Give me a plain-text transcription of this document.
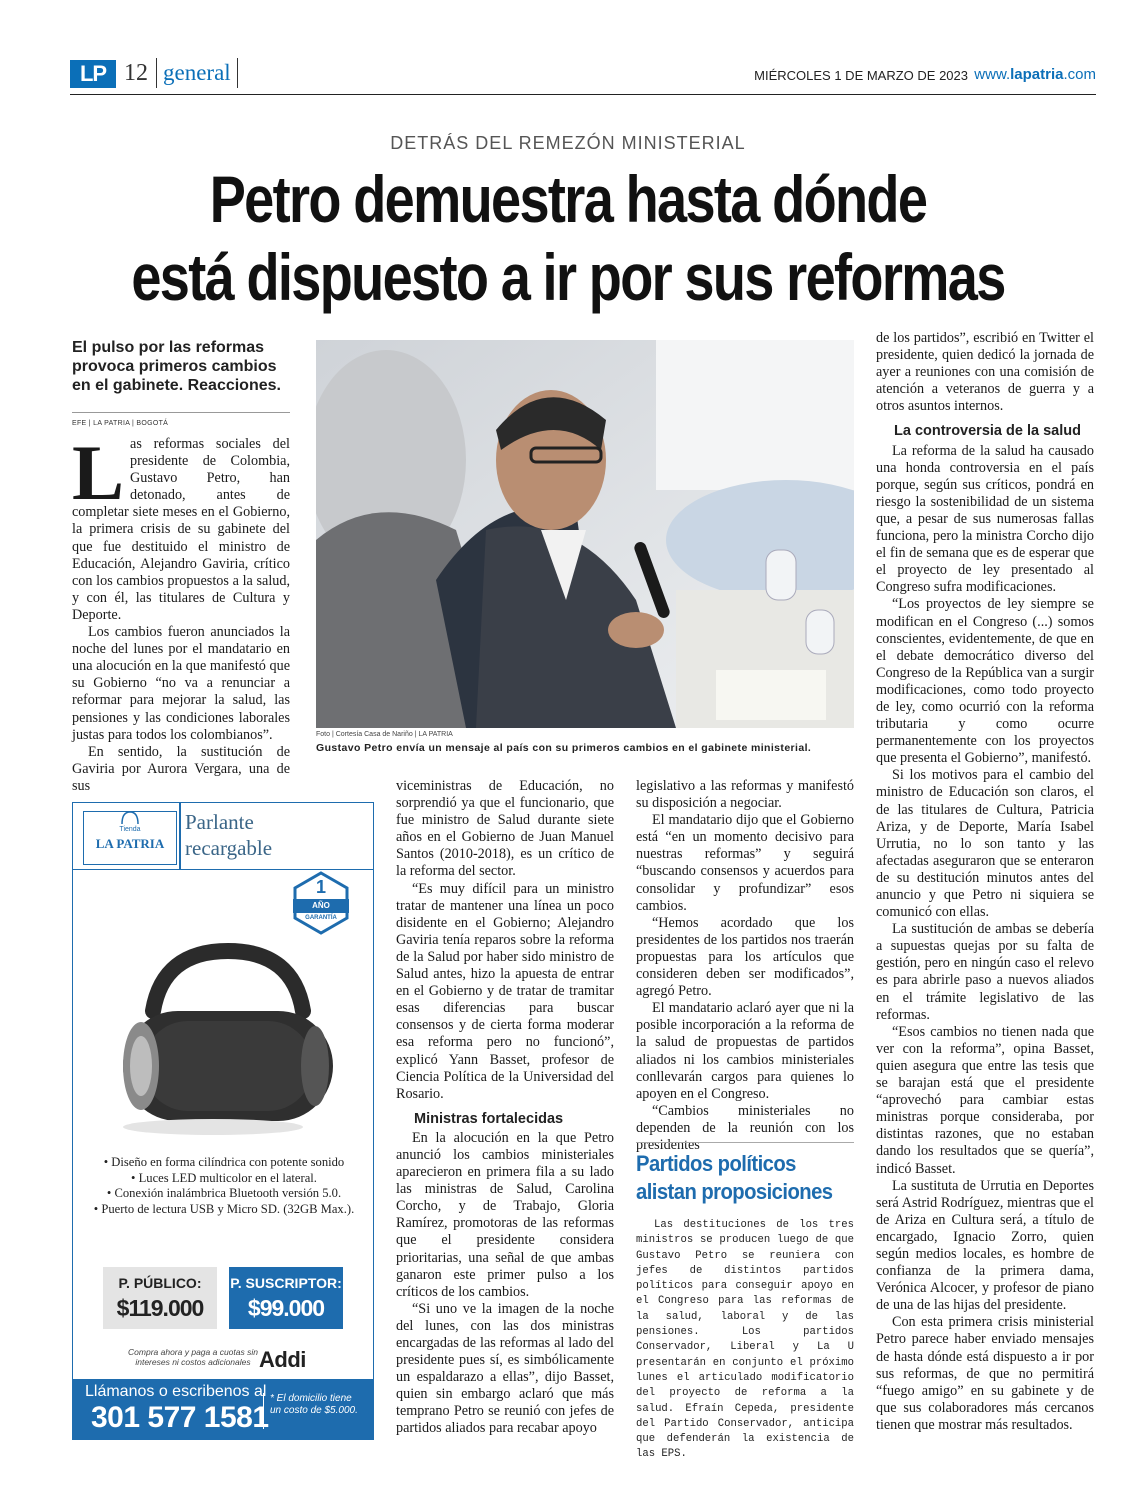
LP 12 general	MIÉRCOLES 1 DE MARZO DE 2023 www.lapatria.com
DETRÁS DEL REMEZÓN MINISTERIAL
Petro demuestra hasta dónde
está dispuesto a ir por sus reformas
El pulso por las reformas provoca primeros cambios en el gabinete. Reacciones.
EFE | LA PATRIA | BOGOTÁ

Las reformas sociales del presidente de Colombia, Gustavo Petro, han detonado, antes de completar siete meses en el Gobierno, la primera crisis de su gabinete del que fue destituido el ministro de Educación, Alejandro Gaviria, crítico con los cambios propuestos a la salud, y con él, las titulares de Cultura y Deporte.

Los cambios fueron anunciados la noche del lunes por el mandatario en una alocución en la que manifestó que su Gobierno “no va a renunciar a reformar para mejorar la salud, las pensiones y las condiciones laborales justas para todos los colombianos”.

En sentido, la sustitución de Gaviria por Aurora Vergara, una de sus

Foto | Cortesía Casa de Nariño | LA PATRIA
Gustavo Petro envía un mensaje al país con su primeros cambios en el gabinete ministerial.

viceministras de Educación, no sorprendió ya que el funcionario, que fue ministro de Salud durante siete años en el Gobierno de Juan Manuel Santos (2010-2018), es un crítico de la reforma del sector.

“Es muy difícil para un ministro tratar de mantener una línea un poco disidente en el Gobierno; Alejandro Gaviria tenía reparos sobre la reforma de la Salud por haber sido ministro de Salud antes, hizo la apuesta de entrar en el Gobierno y de tratar de tramitar esas diferencias para buscar consensos y de cierta forma moderar esa reforma pero no funcionó”, explicó Yann Basset, profesor de Ciencia Política de la Universidad del Rosario.

Ministras fortalecidas

En la alocución en la que Petro anunció los cambios ministeriales aparecieron en primera fila a su lado las ministras de Salud, Carolina Corcho, y de Trabajo, Gloria Ramírez, promotoras de las reformas que el presidente considera prioritarias, una señal de que ambas ganaron este primer pulso a los críticos de los cambios.

“Si uno ve la imagen de la noche del lunes, con las dos ministras encargadas de las reformas al lado del presidente pues sí, es simbólicamente un espaldarazo a ellas”, dijo Basset, quien sin embargo aclaró que más temprano Petro se reunió con jefes de partidos aliados para recabar apoyo

legislativo a las reformas y manifestó su disposición a negociar.

El mandatario dijo que el Gobierno está “en un momento decisivo para nuestras reformas” y seguirá “buscando consensos y acuerdos para consolidar y profundizar” esos cambios.

“Hemos acordado que los presidentes de los partidos nos traerán propuestas para los artículos que consideren deben ser modificados”, agregó Petro.

El mandatario aclaró ayer que ni la posible incorporación a la reforma de la salud de propuestas de partidos aliados ni los cambios ministeriales conllevarán cargos para quienes lo apoyen en el Congreso.

“Cambios ministeriales no dependen de la reunión con los presidentes

Partidos políticos
alistan proposiciones

Las destituciones de los tres ministros se producen luego de que Gustavo Petro se reuniera con jefes de distintos partidos políticos para conseguir apoyo en el Congreso para las reformas de la salud, laboral y de las pensiones. Los partidos Conservador, Liberal y La U presentarán en conjunto el próximo lunes el articulado modificatorio del proyecto de reforma a la salud. Efraín Cepeda, presidente del Partido Conservador, anticipa que defenderán la existencia de las EPS.

de los partidos”, escribió en Twitter el presidente, quien dedicó la jornada de ayer a reuniones con una comisión de atención a veteranos de guerra y a otros asuntos internos.

La controversia de la salud

La reforma de la salud ha causado una honda controversia en el país porque, según sus críticos, pondrá en riesgo la sostenibilidad de un sistema que, a pesar de sus numerosas fallas funciona, pero la ministra Corcho dijo el fin de semana que es de esperar que el proyecto de ley presentado al Congreso sufra modificaciones.

“Los proyectos de ley siempre se modifican en el Congreso (...) somos conscientes, evidentemente, de que en el debate democrático diverso del Congreso de la República van a surgir modificaciones, como todo proyecto de ley, como ocurrió con la reforma tributaria y como ocurre permanentemente con los proyectos que presenta el Gobierno”, manifestó.

Si los motivos para el cambio del ministro de Educación son claros, el de las titulares de Cultura, Patricia Ariza, y de Deporte, María Isabel Urrutia, no lo son tanto y las afectadas aseguraron que se enteraron de su destitución minutos antes del anuncio y que Petro ni siquiera se comunicó con ellas.

La sustitución de ambas se debería a supuestas quejas por su falta de gestión, pero en ningún caso el relevo es para abrirle paso a nuevos aliados en el trámite legislativo de las reformas.

“Esos cambios no tienen nada que ver con la reforma”, opina Basset, quien asegura que entre las tesis que se barajan está que el presidente “aprovechó para cambiar estas ministras porque consideraba, por distintas razones, que no estaban dando los resultados que se quería”, indicó Basset.

La sustituta de Urrutia en Deportes será Astrid Rodríguez, mientras que el de Ariza en Cultura será, a título de encargado, Ignacio Zorro, quien según medios locales, es hombre de confianza de la primera dama, Verónica Alcocer, y profesor de piano de una de las hijas del presidente.

Con esta primera crisis ministerial Petro parece haber enviado mensajes de hasta dónde está dispuesto a ir por sus reformas, de que no permitirá “fuego amigo” en su gabinete y de que sus colaboradores más cercanos tienen que mostrar más resultados.

Tienda
LA PATRIA
Parlante
recargable
1
AÑO
GARANTÍA
• Diseño en forma cilíndrica con potente sonido
• Luces LED multicolor en el lateral.
• Conexión inalámbrica Bluetooth versión 5.0.
• Puerto de lectura USB y Micro SD. (32GB Max.).
P. PÚBLICO:
$119.000
P. SUSCRIPTOR:
$99.000
Compra ahora y paga a cuotas sin intereses ni costos adicionales Addi
Llámanos o escribenos al
301 577 1581
* El domicilio tiene un costo de $5.000.
